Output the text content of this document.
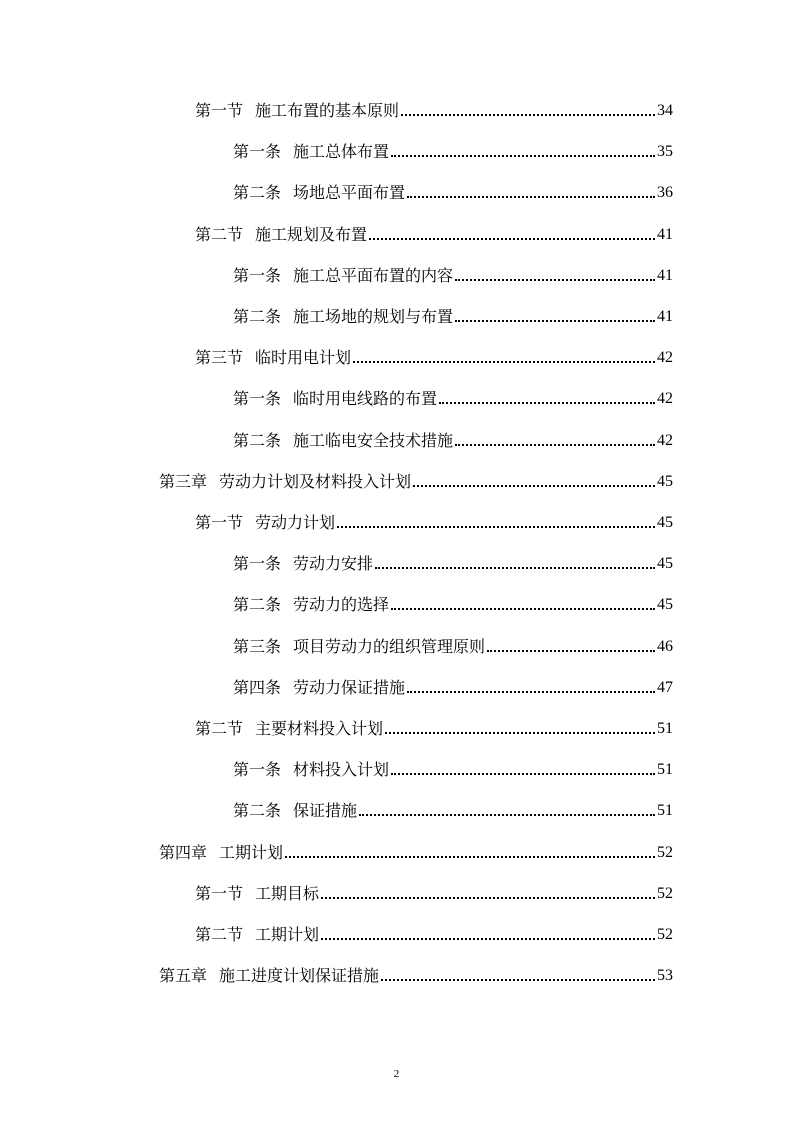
第一节 施工布置的基本原则	34
第一条 施工总体布置	35
第二条 场地总平面布置	36
第二节 施工规划及布置	41
第一条 施工总平面布置的内容	41
第二条 施工场地的规划与布置	41
第三节 临时用电计划	42
第一条 临时用电线路的布置	42
第二条 施工临电安全技术措施	42
第三章 劳动力计划及材料投入计划	45
第一节 劳动力计划	45
第一条 劳动力安排	45
第二条 劳动力的选择	45
第三条 项目劳动力的组织管理原则	46
第四条 劳动力保证措施	47
第二节 主要材料投入计划	51
第一条 材料投入计划	51
第二条 保证措施	51
第四章 工期计划	52
第一节 工期目标	52
第二节 工期计划	52
第五章 施工进度计划保证措施	53
2
